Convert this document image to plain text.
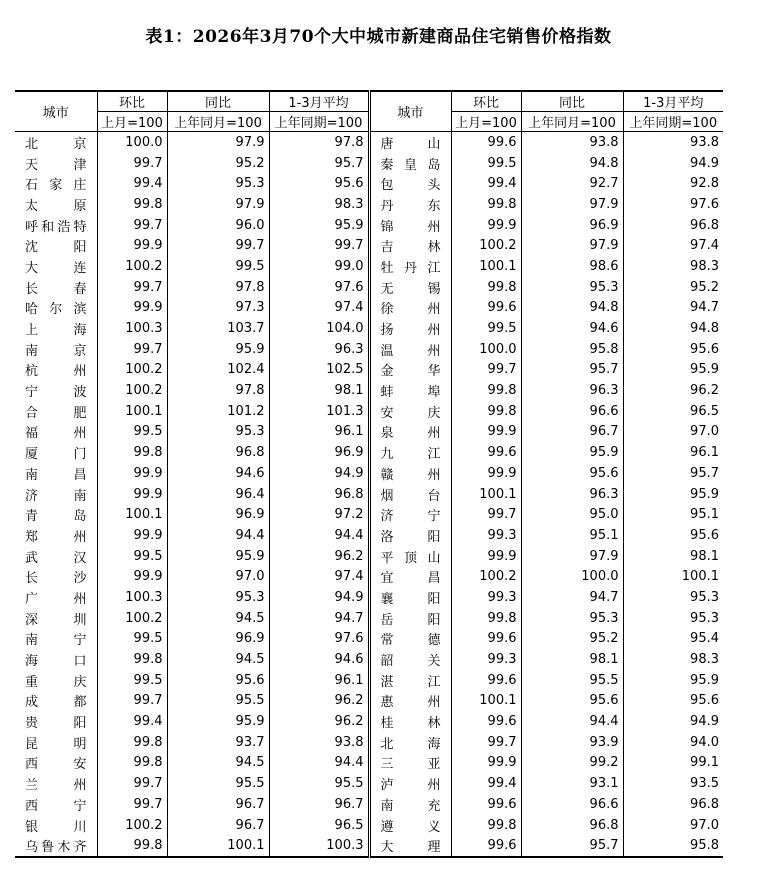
表1：2026年3月70个大中城市新建商品住宅销售价格指数
城市	环比	同比	1-3月平均	城市	环比	同比	1-3月平均
	上月=100	上年同月=100	上年同期=100		上月=100	上年同月=100	上年同期=100
北京	100.0	97.9	97.8	唐山	99.6	93.8	93.8
天津	99.7	95.2	95.7	秦皇岛	99.5	94.8	94.9
石家庄	99.4	95.3	95.6	包头	99.4	92.7	92.8
太原	99.8	97.9	98.3	丹东	99.8	97.9	97.6
呼和浩特	99.7	96.0	95.9	锦州	99.9	96.9	96.8
沈阳	99.9	99.7	99.7	吉林	100.2	97.9	97.4
大连	100.2	99.5	99.0	牡丹江	100.1	98.6	98.3
长春	99.7	97.8	97.6	无锡	99.8	95.3	95.2
哈尔滨	99.9	97.3	97.4	徐州	99.6	94.8	94.7
上海	100.3	103.7	104.0	扬州	99.5	94.6	94.8
南京	99.7	95.9	96.3	温州	100.0	95.8	95.6
杭州	100.2	102.4	102.5	金华	99.7	95.7	95.9
宁波	100.2	97.8	98.1	蚌埠	99.8	96.3	96.2
合肥	100.1	101.2	101.3	安庆	99.8	96.6	96.5
福州	99.5	95.3	96.1	泉州	99.9	96.7	97.0
厦门	99.8	96.8	96.9	九江	99.6	95.9	96.1
南昌	99.9	94.6	94.9	赣州	99.9	95.6	95.7
济南	99.9	96.4	96.8	烟台	100.1	96.3	95.9
青岛	100.1	96.9	97.2	济宁	99.7	95.0	95.1
郑州	99.9	94.4	94.4	洛阳	99.3	95.1	95.6
武汉	99.5	95.9	96.2	平顶山	99.9	97.9	98.1
长沙	99.9	97.0	97.4	宜昌	100.2	100.0	100.1
广州	100.3	95.3	94.9	襄阳	99.3	94.7	95.3
深圳	100.2	94.5	94.7	岳阳	99.8	95.3	95.3
南宁	99.5	96.9	97.6	常德	99.6	95.2	95.4
海口	99.8	94.5	94.6	韶关	99.3	98.1	98.3
重庆	99.5	95.6	96.1	湛江	99.6	95.5	95.9
成都	99.7	95.5	96.2	惠州	100.1	95.6	95.6
贵阳	99.4	95.9	96.2	桂林	99.6	94.4	94.9
昆明	99.8	93.7	93.8	北海	99.7	93.9	94.0
西安	99.8	94.5	94.4	三亚	99.9	99.2	99.1
兰州	99.7	95.5	95.5	泸州	99.4	93.1	93.5
西宁	99.7	96.7	96.7	南充	99.6	96.6	96.8
银川	100.2	96.7	96.5	遵义	99.8	96.8	97.0
乌鲁木齐	99.8	100.1	100.3	大理	99.6	95.7	95.8
